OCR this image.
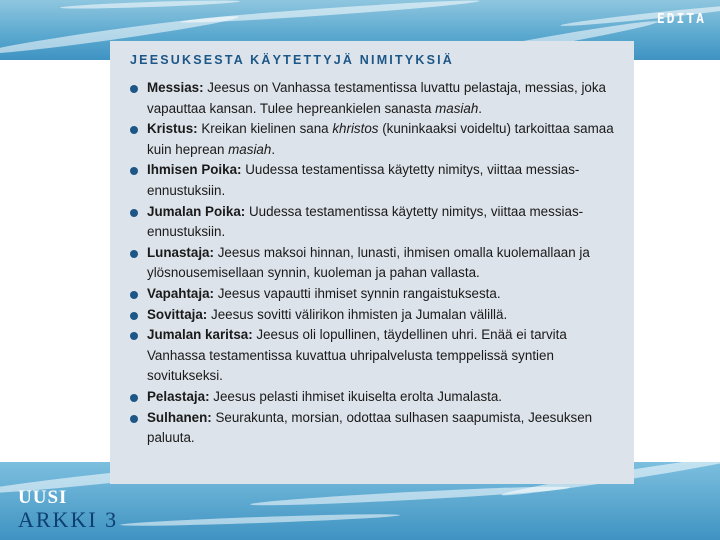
EDITA
UUSI
ARKKI 3
JEESUKSESTA KÄYTETTYJÄ NIMITYKSIÄ
Messias: Jeesus on Vanhassa testamentissa luvattu pelastaja, messias, joka vapauttaa kansan. Tulee hepreankielen sanasta masiah.
Kristus: Kreikan kielinen sana khristos (kuninkaaksi voideltu) tarkoittaa samaa kuin heprean masiah.
Ihmisen Poika: Uudessa testamentissa käytetty nimitys, viittaa messias-ennustuksiin.
Jumalan Poika: Uudessa testamentissa käytetty nimitys, viittaa messias-ennustuksiin.
Lunastaja: Jeesus maksoi hinnan, lunasti, ihmisen omalla kuolemallaan ja ylösnousemisellaan synnin, kuoleman ja pahan vallasta.
Vapahtaja: Jeesus vapautti ihmiset synnin rangaistuksesta.
Sovittaja: Jeesus sovitti välirikon ihmisten ja Jumalan välillä.
Jumalan karitsa: Jeesus oli lopullinen, täydellinen uhri. Enää ei tarvita Vanhassa testamentissa kuvattua uhripalvelusta temppelissä syntien sovitukseksi.
Pelastaja: Jeesus pelasti ihmiset ikuiselta erolta Jumalasta.
Sulhanen: Seurakunta, morsian, odottaa sulhasen saapumista, Jeesuksen paluuta.
